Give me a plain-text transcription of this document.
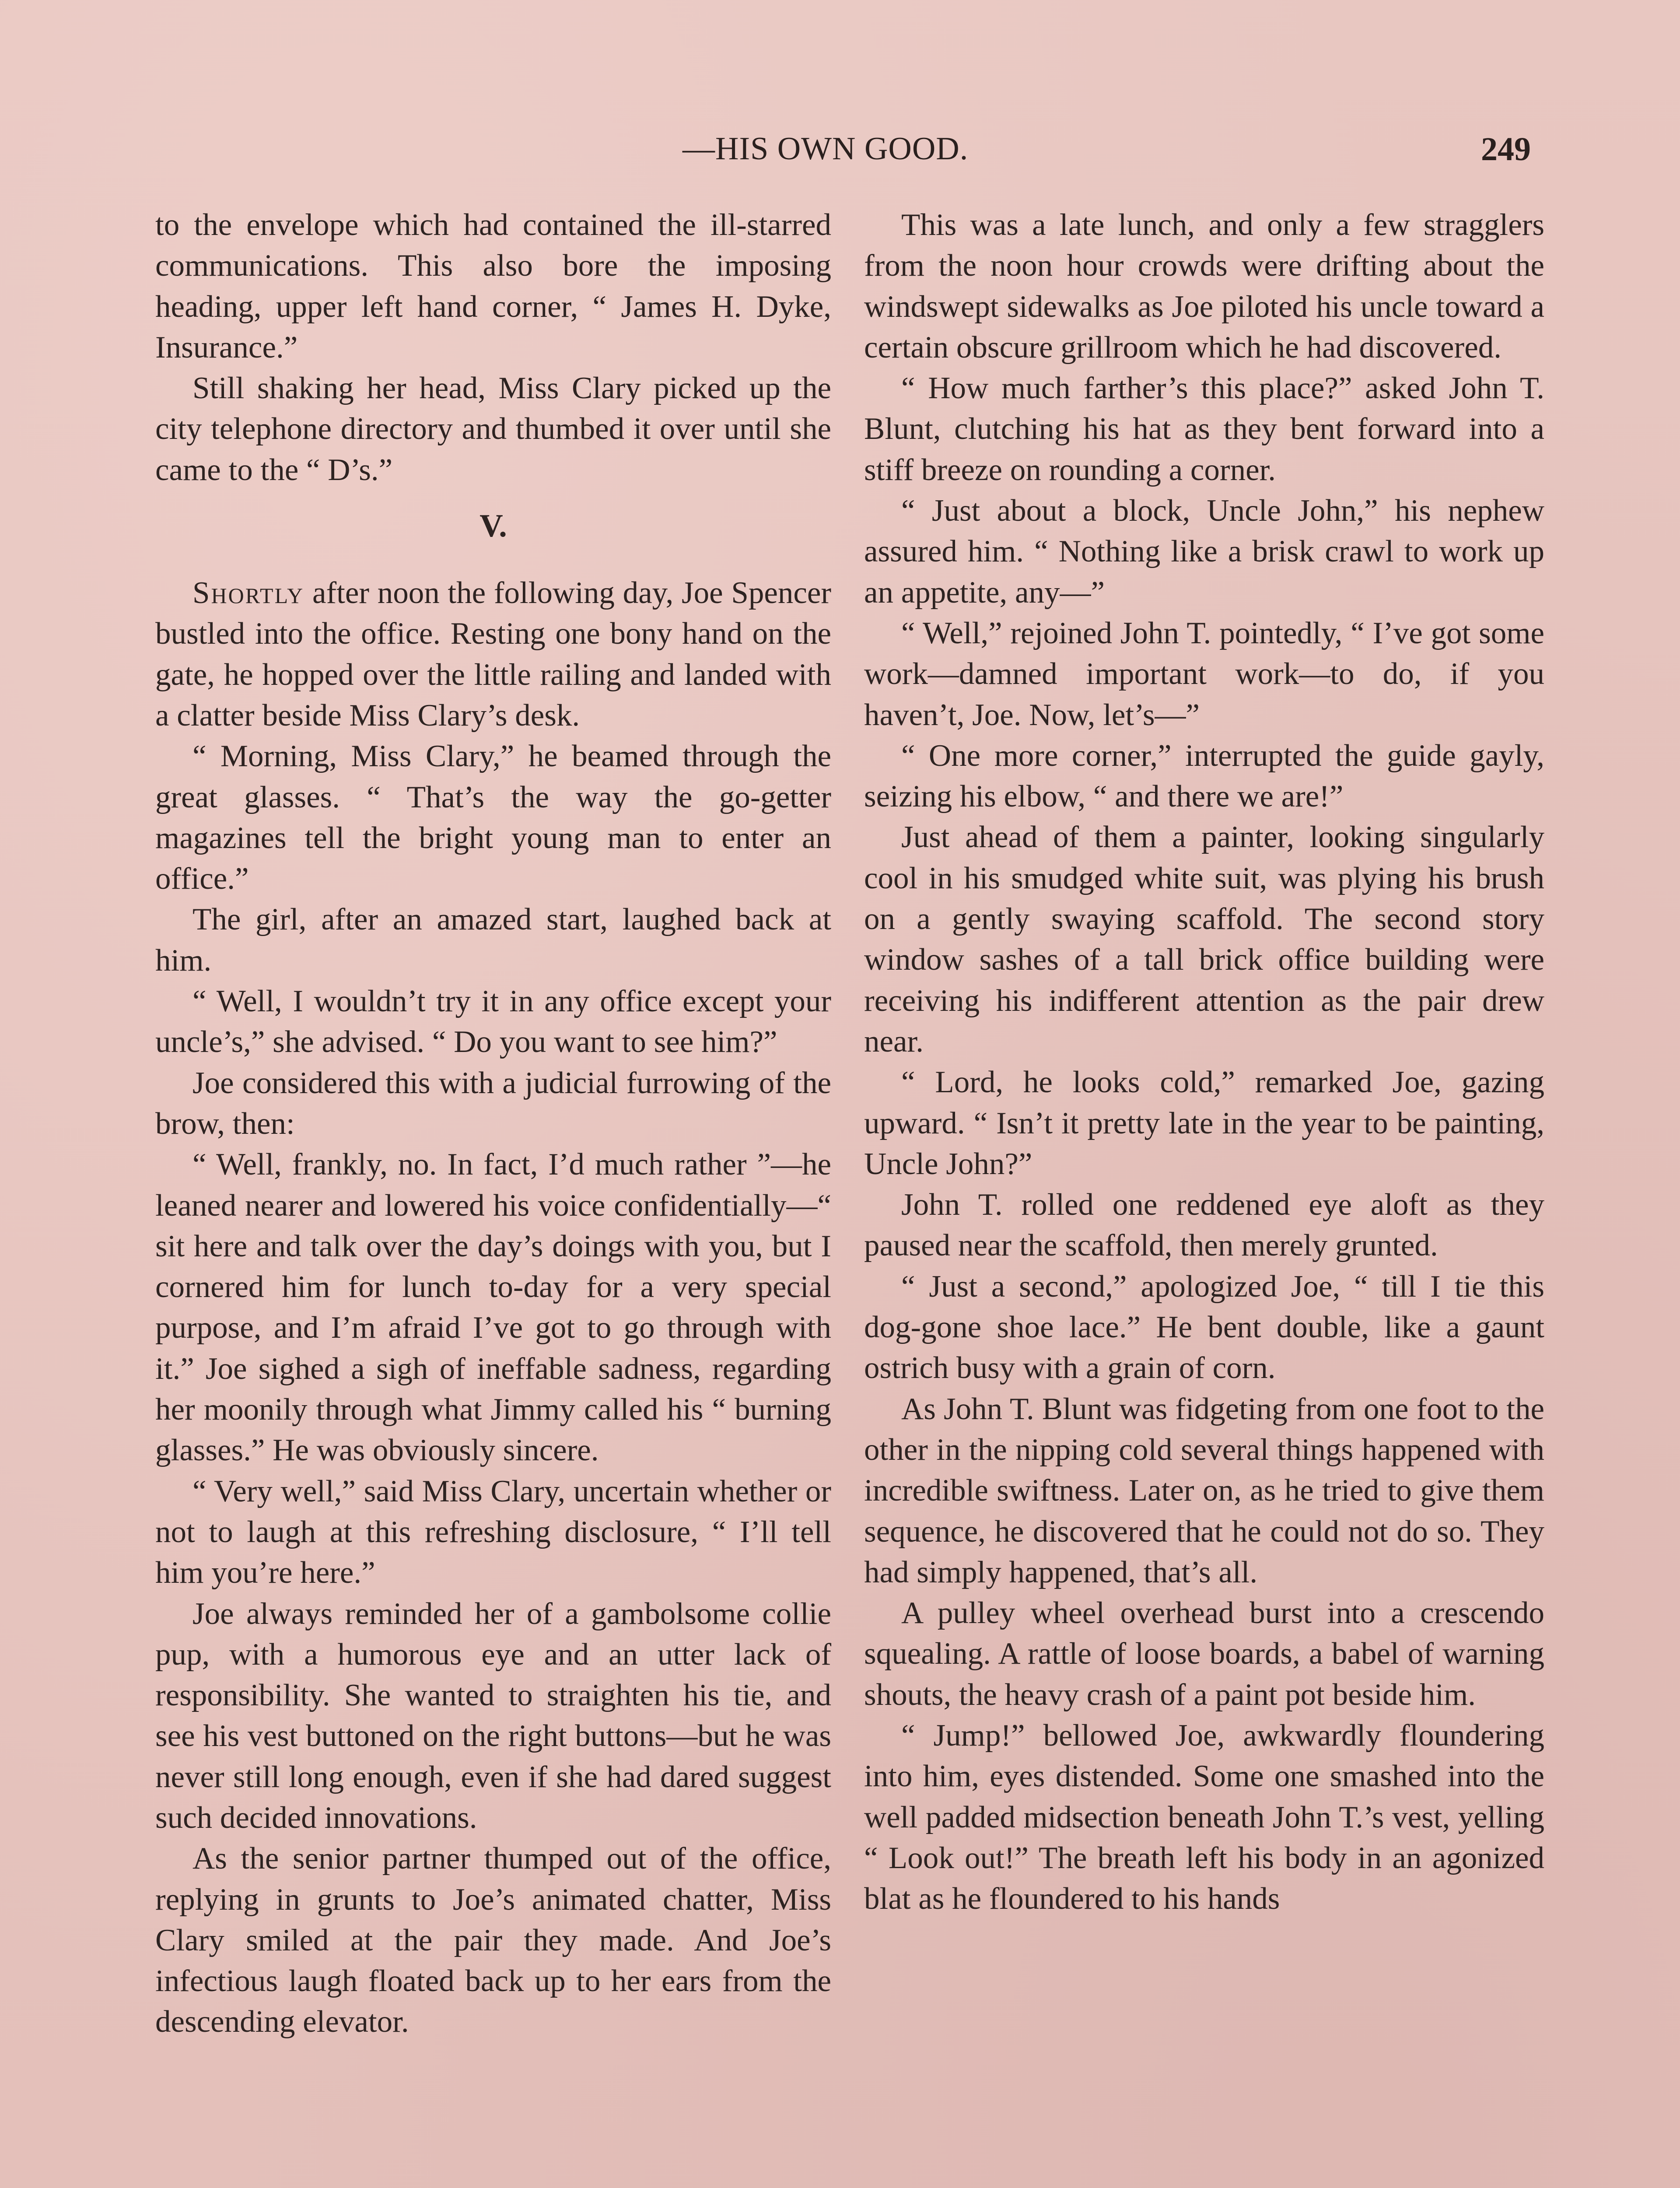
—HIS OWN GOOD.	249

to the envelope which had contained the ill-starred communications. This also bore the imposing heading, upper left hand corner, “ James H. Dyke, Insurance.”

Still shaking her head, Miss Clary picked up the city telephone directory and thumbed it over until she came to the “ D’s.”

V.

Shortly after noon the following day, Joe Spencer bustled into the office. Resting one bony hand on the gate, he hopped over the little railing and landed with a clatter beside Miss Clary’s desk.

“ Morning, Miss Clary,” he beamed through the great glasses. “ That’s the way the go-getter magazines tell the bright young man to enter an office.”

The girl, after an amazed start, laughed back at him.

“ Well, I wouldn’t try it in any office except your uncle’s,” she advised. “ Do you want to see him?”

Joe considered this with a judicial furrowing of the brow, then:

“ Well, frankly, no. In fact, I’d much rather ”—he leaned nearer and lowered his voice confidentially—“ sit here and talk over the day’s doings with you, but I cornered him for lunch to-day for a very special purpose, and I’m afraid I’ve got to go through with it.” Joe sighed a sigh of ineffable sadness, regarding her moonily through what Jimmy called his “ burning glasses.” He was obviously sincere.

“ Very well,” said Miss Clary, uncertain whether or not to laugh at this refreshing disclosure, “ I’ll tell him you’re here.”

Joe always reminded her of a gambolsome collie pup, with a humorous eye and an utter lack of responsibility. She wanted to straighten his tie, and see his vest buttoned on the right buttons—but he was never still long enough, even if she had dared suggest such decided innovations.

As the senior partner thumped out of the office, replying in grunts to Joe’s animated chatter, Miss Clary smiled at the pair they made. And Joe’s infectious laugh floated back up to her ears from the descending elevator.

This was a late lunch, and only a few stragglers from the noon hour crowds were drifting about the windswept sidewalks as Joe piloted his uncle toward a certain obscure grillroom which he had discovered.

“ How much farther’s this place?” asked John T. Blunt, clutching his hat as they bent forward into a stiff breeze on rounding a corner.

“ Just about a block, Uncle John,” his nephew assured him. “ Nothing like a brisk crawl to work up an appetite, any—”

“ Well,” rejoined John T. pointedly, “ I’ve got some work—damned important work—to do, if you haven’t, Joe. Now, let’s—”

“ One more corner,” interrupted the guide gayly, seizing his elbow, “ and there we are!”

Just ahead of them a painter, looking singularly cool in his smudged white suit, was plying his brush on a gently swaying scaffold. The second story window sashes of a tall brick office building were receiving his indifferent attention as the pair drew near.

“ Lord, he looks cold,” remarked Joe, gazing upward. “ Isn’t it pretty late in the year to be painting, Uncle John?”

John T. rolled one reddened eye aloft as they paused near the scaffold, then merely grunted.

“ Just a second,” apologized Joe, “ till I tie this dog-gone shoe lace.” He bent double, like a gaunt ostrich busy with a grain of corn.

As John T. Blunt was fidgeting from one foot to the other in the nipping cold several things happened with incredible swiftness. Later on, as he tried to give them sequence, he discovered that he could not do so. They had simply happened, that’s all.

A pulley wheel overhead burst into a crescendo squealing. A rattle of loose boards, a babel of warning shouts, the heavy crash of a paint pot beside him.

“ Jump!” bellowed Joe, awkwardly floundering into him, eyes distended. Some one smashed into the well padded midsection beneath John T.’s vest, yelling “ Look out!” The breath left his body in an agonized blat as he floundered to his hands
